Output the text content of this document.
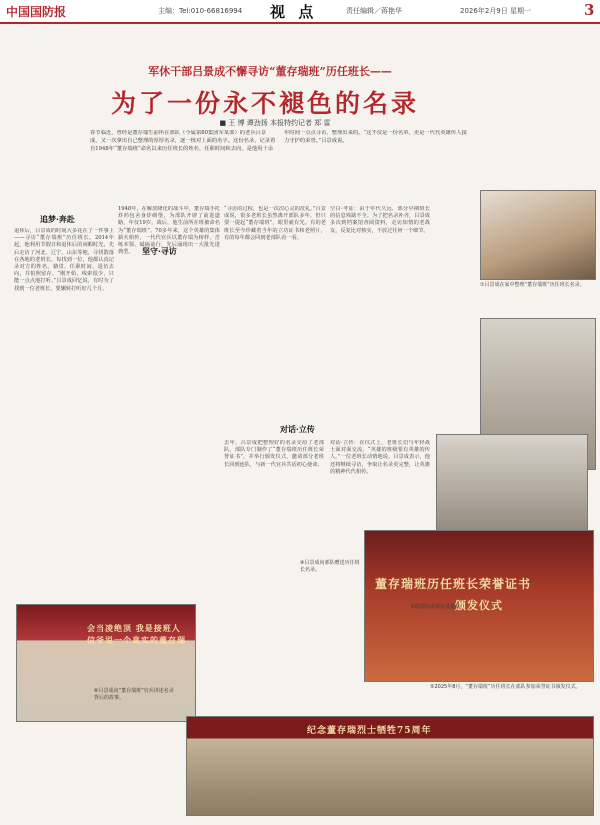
中国国防报	主编：Tel:010-66816994 视 点	责任编辑／蒋艳华	2026年2月9日 星期一	3
军休干部吕景成不懈寻访“董存瑞班”历任班长——
为了一份永不褪色的名录
■ 王 博 谭劲扬 本报特约记者 郑 雷
春节临近，曾经是董存瑞生前所在部队（今属第80集团军某部）的老兵吕景成，又一次拿出自己整理的厚厚名录，逐一核对上面的名字。这份名录，记录着自1948年“董存瑞班”命名以来历任班长的姓名、任职时间和去向，是他用十余年时间一点点寻访、整理出来的。“这不仅是一份名单，更是一代代英雄传人接力守护的荣誉。”吕景成说。
①吕景成在家中整理“董存瑞班”历任班长名录。
追梦·奔赴
退休后，吕景成的时间大多花在了一件事上——寻访“董存瑞班”历任班长。2014年起，他利用节假日和退休后的闲暇时光，先后走访了河北、辽宁、山东等地，寻找散落在各地的老班长。每找到一位，他都认真记录对方的姓名、籍贯、任职时间、退伍去向，并拍照留存。“刚开始，线索很少，只能一点点地打听。”吕景成回忆说，有时为了找到一位老班长，要辗转打听好几个月。
1948年，在解放隆化的战斗中，董存瑞手托炸药包舍身炸碉堡，为部队开辟了前进道路，年仅19岁。战后，他生前所在班被命名为“董存瑞班”。70多年来，这个英雄的集体薪火相传，一代代官兵以董存瑞为榜样，苦练本领、砥砺前行，先后涌现出一大批先进典型。	坚守·寻访
“寻访的过程，也是一次次心灵的洗礼。”吕景成说，很多老班长虽然离开部队多年，但只要一提起“董存瑞班”，眼里就有光。有的老班长至今珍藏着当年的立功证书和老照片，有的每年都会回到老部队看一看。
空白·考证：由于年代久远，部分早期班长的信息残缺不全。为了把名录补齐，吕景成多次到档案馆查阅资料，走访知情的老战友，反复比对核实，不放过任何一个细节。
对话·立传
去年，吕景成把整理好的名录交给了老部队。部队专门制作了“董存瑞班历任班长荣誉证书”，并举行颁发仪式，邀请部分老班长回到连队，与新一代官兵共话初心使命。
对话·立传：在仪式上，老班长们与年轻战士面对面交流。“英雄的班级要有英雄的传人。”一位老班长动情地说。吕景成表示，他还将继续寻访，争取让名录更完整，让英雄的精神代代相传。
董存瑞班历任班长荣誉证书
颁发仪式
④吕景成向部队赠送历任班长名录。
会当凌绝顶 我是接班人
信爷说一个真实的董存瑞
⑥吕景成向“董存瑞班”官兵讲述名录背后的故事。
⑤2025年8月，“董存瑞班”历任班长在部队参加荣誉证书颁发仪式。
本版图片由受访者提供
纪念董存瑞烈士牺牲75周年
